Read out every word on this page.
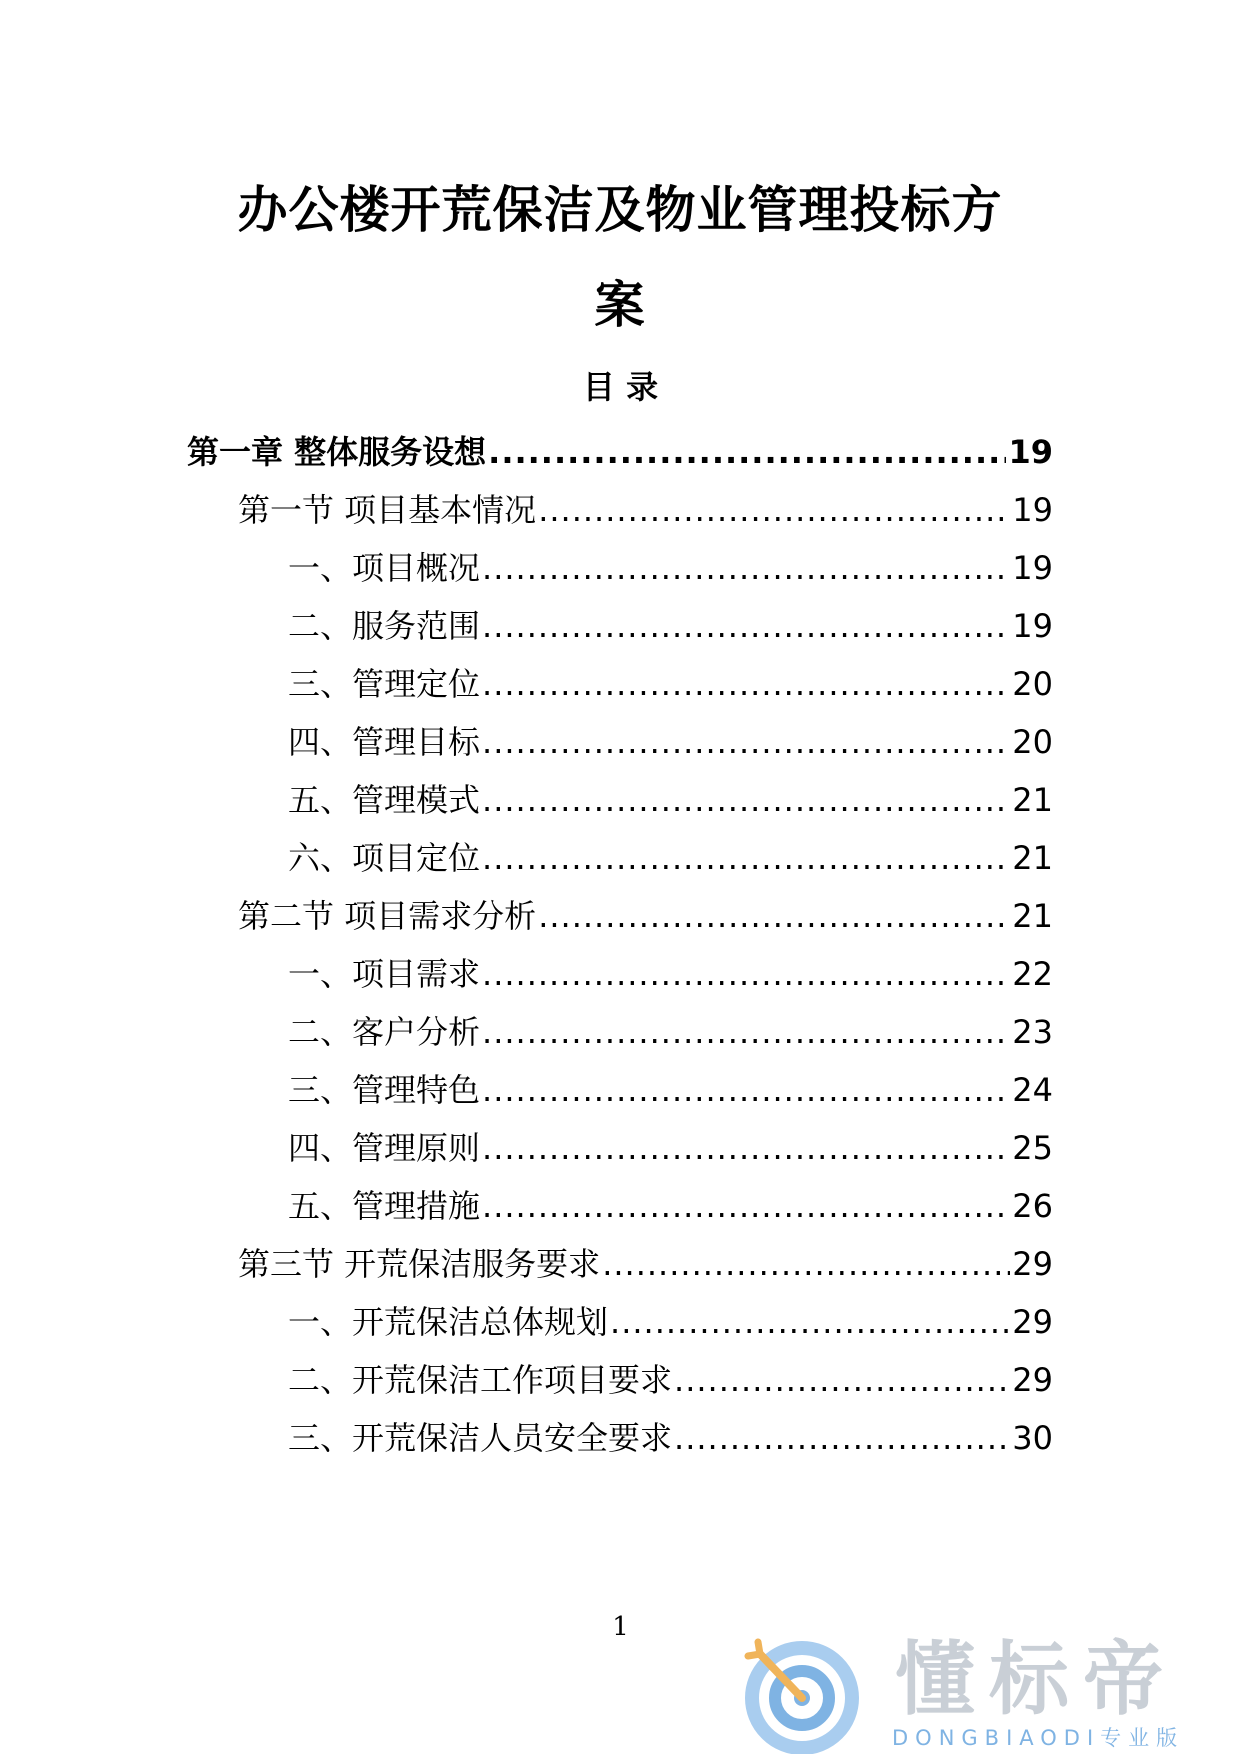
办公楼开荒保洁及物业管理投标方
案
目 录
第一章 整体服务设想 .....	19
第一节 项目基本情况 .....	19
一、项目概况 .....	19
二、服务范围 .....	19
三、管理定位 .....	20
四、管理目标 .....	20
五、管理模式 .....	21
六、项目定位 .....	21
第二节 项目需求分析 .....	21
一、项目需求 .....	22
二、客户分析 .....	23
三、管理特色 .....	24
四、管理原则 .....	25
五、管理措施 .....	26
第三节 开荒保洁服务要求 .....	29
一、开荒保洁总体规划 .....	29
二、开荒保洁工作项目要求 .....	29
三、开荒保洁人员安全要求 .....	30
1
懂标帝
DONGBIAODI专业版
